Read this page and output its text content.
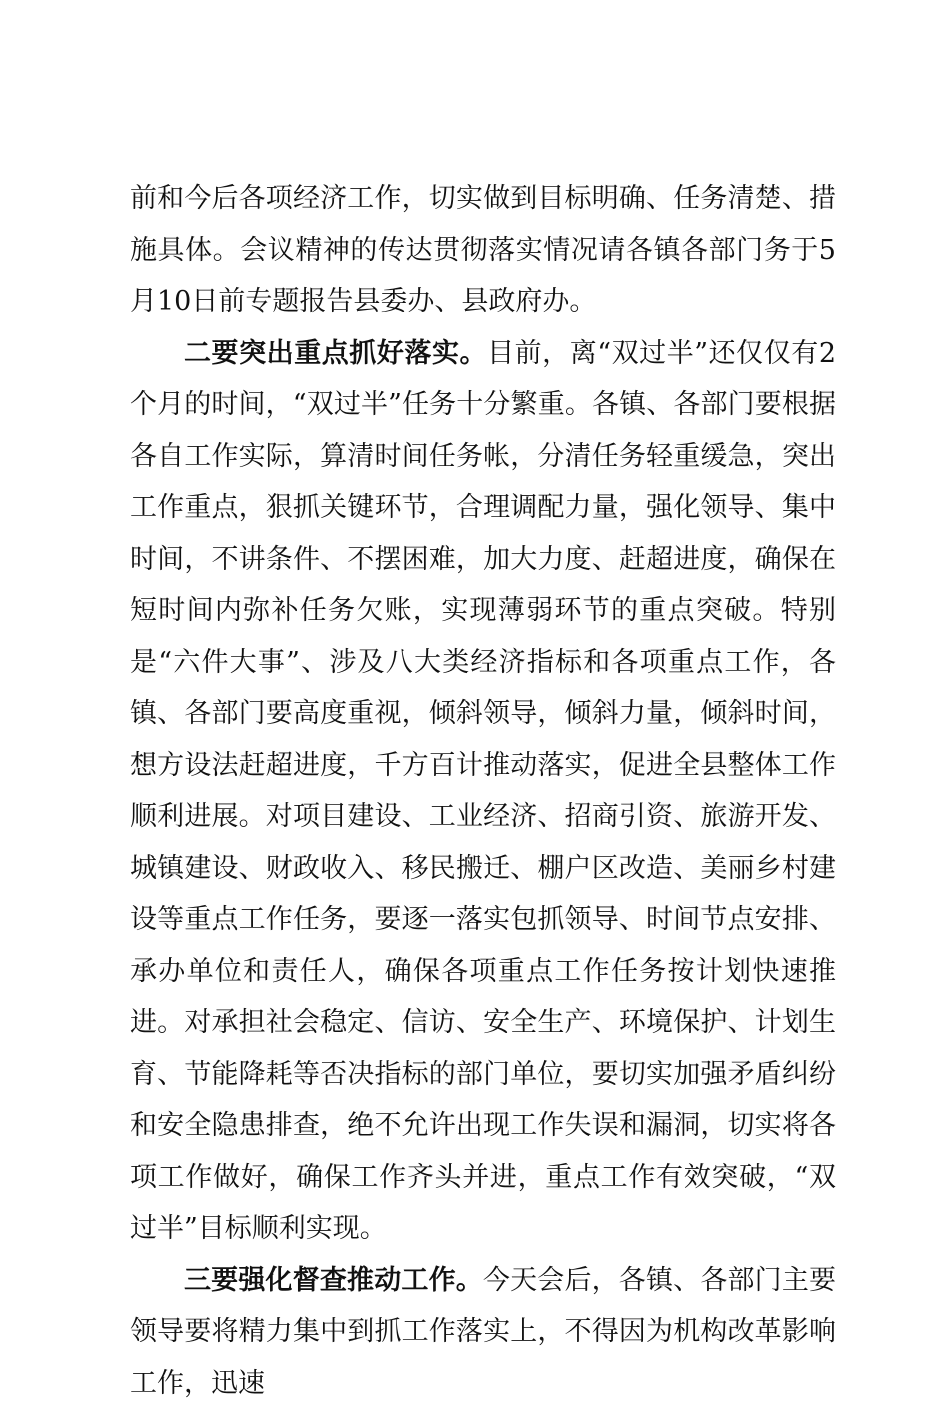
前和今后各项经济工作，切实做到目标明确、任务清楚、措施具体。会议精神的传达贯彻落实情况请各镇各部门务于5月10日前专题报告县委办、县政府办。

二要突出重点抓好落实。目前，离“双过半”还仅仅有2个月的时间，“双过半”任务十分繁重。各镇、各部门要根据各自工作实际，算清时间任务帐，分清任务轻重缓急，突出工作重点，狠抓关键环节，合理调配力量，强化领导、集中时间，不讲条件、不摆困难，加大力度、赶超进度，确保在短时间内弥补任务欠账，实现薄弱环节的重点突破。特别是“六件大事”、涉及八大类经济指标和各项重点工作，各镇、各部门要高度重视，倾斜领导，倾斜力量，倾斜时间，想方设法赶超进度，千方百计推动落实，促进全县整体工作顺利进展。对项目建设、工业经济、招商引资、旅游开发、城镇建设、财政收入、移民搬迁、棚户区改造、美丽乡村建设等重点工作任务，要逐一落实包抓领导、时间节点安排、承办单位和责任人，确保各项重点工作任务按计划快速推进。对承担社会稳定、信访、安全生产、环境保护、计划生育、节能降耗等否决指标的部门单位，要切实加强矛盾纠纷和安全隐患排查，绝不允许出现工作失误和漏洞，切实将各项工作做好，确保工作齐头并进，重点工作有效突破，“双过半”目标顺利实现。

三要强化督查推动工作。今天会后，各镇、各部门主要领导要将精力集中到抓工作落实上，不得因为机构改革影响工作，迅速
